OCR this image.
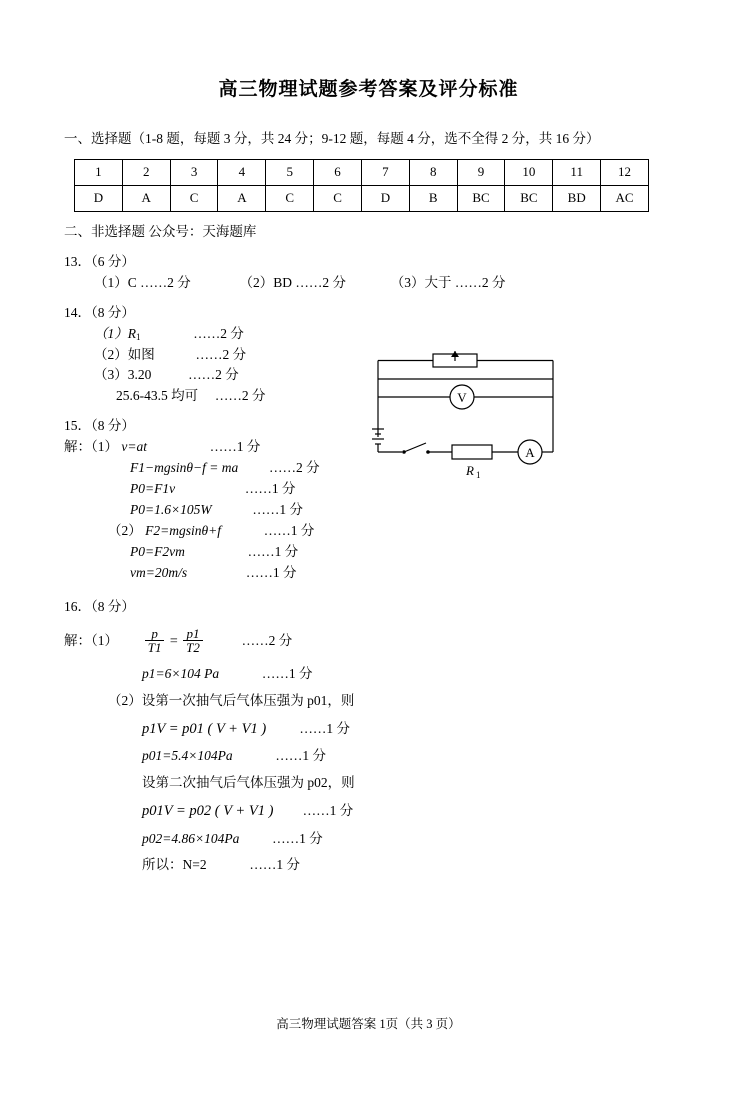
高三物理试题参考答案及评分标准
一、选择题（1-8 题，每题 3 分，共 24 分；9-12 题，每题 4 分，选不全得 2 分，共 16 分）
1	2	3	4	5	6	7	8	9	10	11	12
D	A	C	A	C	C	D	B	BC	BC	BD	AC
二、非选择题 公众号：天海题库
13．（6 分）
（1）C ……2 分	（2）BD ……2 分	（3）大于 ……2 分
14．（8 分）
$(1)R_1$	……2 分
（2）如图	……2 分
（3）3.20	……2 分
25.6-43.5 均可 ……2 分	V
R 1
A
15．（8 分）
解：（1） v=at	……1 分
F1−mgsinθ−f = ma ……2 分
P0=F1v	……1 分
P0=1.6×105W	……1 分
（2） F2=mgsinθ+f	……1 分
P0=F2vm	……1 分
vm=20m/s	……1 分
16．（8 分）
解：$(1) \frac{p}{T1} = \frac{p1}{T2}$	……2 分
p1=6×104 Pa	……1 分
（2）设第一次抽气后气体压强为 p01，则
p1V = p01 ( V + V1 ) ……1 分
p01=5.4×104Pa	……1 分
设第二次抽气后气体压强为 p02，则
p01V = p02 ( V + V1 ) ……1 分
p02=4.86×104Pa ……1 分
所以：N=2	……1 分
高三物理试题答案 1页（共 3 页）
